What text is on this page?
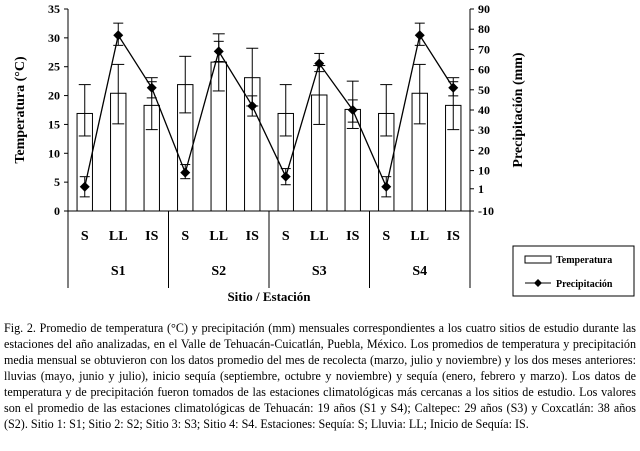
0
5
10
15
20
25
30
35
-10
1
10
20
30
40
50
60
70
80
90
Temperatura (°C)	Precipitación (mm)
S LL IS S LL IS S LL IS S LL IS
S1	S2	S3	S4
Sitio / Estación
Temperatura
Precipitación
Fig. 2. Promedio de temperatura (°C) y precipitación (mm) mensuales correspondientes a los cuatro sitios de estudio durante las estaciones del año analizadas, en el Valle de Tehuacán-Cuicatlán, Puebla, México. Los promedios de temperatura y precipitación media mensual se obtuvieron con los datos promedio del mes de recolecta (marzo, julio y noviembre) y los dos meses anteriores: lluvias (mayo, junio y julio), inicio sequía (septiembre, octubre y noviembre) y sequía (enero, febrero y marzo). Los datos de temperatura y de precipitación fueron tomados de las estaciones climatológicas más cercanas a los sitios de estudio. Los valores son el promedio de las estaciones climatológicas de Tehuacán: 19 años (S1 y S4); Caltepec: 29 años (S3) y Coxcatlán: 38 años (S2). Sitio 1: S1; Sitio 2: S2; Sitio 3: S3; Sitio 4: S4. Estaciones: Sequía: S; Lluvia: LL; Inicio de Sequía: IS.
